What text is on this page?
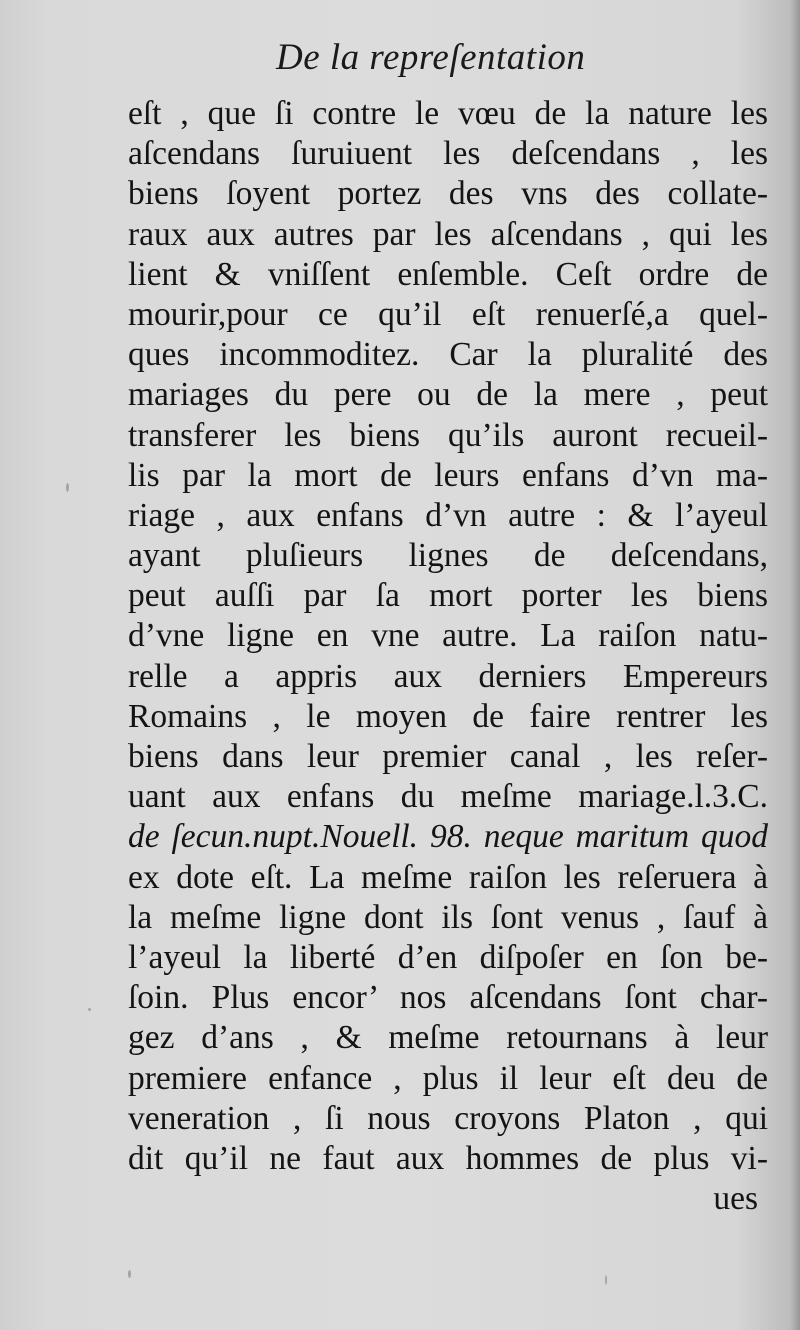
De la repreſentation
eſt , que ſi contre le vœu de la nature les
aſcendans ſuruiuent les deſcendans , les
biens ſoyent portez des vns des collate-
raux aux autres par les aſcendans , qui les
lient & vniſſent enſemble. Ceſt ordre de
mourir,pour ce qu’il eſt renuerſé,a quel-
ques incommoditez. Car la pluralité des
mariages du pere ou de la mere , peut
transferer les biens qu’ils auront recueil-
lis par la mort de leurs enfans d’vn ma-
riage , aux enfans d’vn autre : & l’ayeul
ayant pluſieurs lignes de deſcendans,
peut auſſi par ſa mort porter les biens
d’vne ligne en vne autre. La raiſon natu-
relle a appris aux derniers Empereurs
Romains , le moyen de faire rentrer les
biens dans leur premier canal , les reſer-
uant aux enfans du meſme mariage.l.3.C.
de ſecun.nupt.Nouell. 98. neque maritum quod
ex dote eſt. La meſme raiſon les reſeruera à
la meſme ligne dont ils ſont venus , ſauf à
l’ayeul la liberté d’en diſpoſer en ſon be-
ſoin. Plus encor’ nos aſcendans ſont char-
gez d’ans , & meſme retournans à leur
premiere enfance , plus il leur eſt deu de
veneration , ſi nous croyons Platon , qui
dit qu’il ne faut aux hommes de plus vi-
ues
